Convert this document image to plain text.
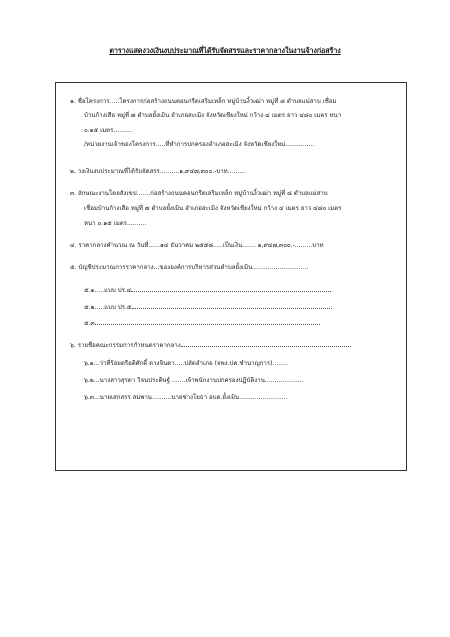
ตารางแสดงวงเงินงบประมาณที่ได้รับจัดสรรและราคากลางในงานจ้างก่อสร้าง
๑. ชื่อโครงการ.....โครงการก่อสร้างถนนคอนกรีตเสริมเหล็ก หมู่บ้านงิ้วเฒ่า หมู่ที่ ๘ ตำบลแม่สาบ เชื่อม
บ้านก้างเสือ หมู่ที่ ๗ ตำบลยั้งเมิน อำเภอสะเมิง จังหวัดเชียงใหม่ กว้าง ๔ เมตร ยาว ๔๘๐ เมตร หนา
๐.๑๕ เมตร..........
/หน่วยงานเจ้าของโครงการ.....ที่ทำการปกครองอำเภอสะเมิง จังหวัดเชียงใหม่...............
๒. วงเงินงบประมาณที่ได้รับจัดสรร..........๑,๙๔๗,๓๐๐.-บาท.........
๓. ลักษณะงานโดยสังเขป.......ก่อสร้างถนนคอนกรีตเสริมเหล็ก หมู่บ้านงิ้วเฒ่า หมู่ที่ ๘ ตำบลแม่สาบ
เชื่อมบ้านก้างเสือ หมู่ที่ ๗ ตำบลยั้งเมิน อำเภอสะเมิง จังหวัดเชียงใหม่ กว้าง ๔ เมตร ยาว ๔๘๐ เมตร
หนา ๐.๑๕ เมตร..........
๔. ราคากลางคำนวณ ณ วันที่......๑๔ ธันวาคม ๒๕๕๘.....เป็นเงิน....... ๑,๙๔๗,๓๐๐.-.........บาท
๕. บัญชีประมาณการราคากลาง...ขององค์การบริหารส่วนตำบลยั้งเมิน.............................
๕.๑.....แบบ ปร.๔
๕.๒.....แบบ ปร.๕
๕.๓
๖. รายชื่อคณะกรรมการกำหนดราคากลาง
๖.๑...ว่าที่ร้อยตรีอติศักดิ์ ดวงจินดา.....ปลัดอำเภอ (จพง.ปค.ชำนาญการ)........
๖.๒...นางสาวสุรดา วิจนประดิษฐ์ .......เจ้าพนักงานปกครองปฏิบัติงาน....................
๖.๓...นายเสกสรร สมพาน..........นายช่างโยธา อบต.ยั้งเมิน.........................
